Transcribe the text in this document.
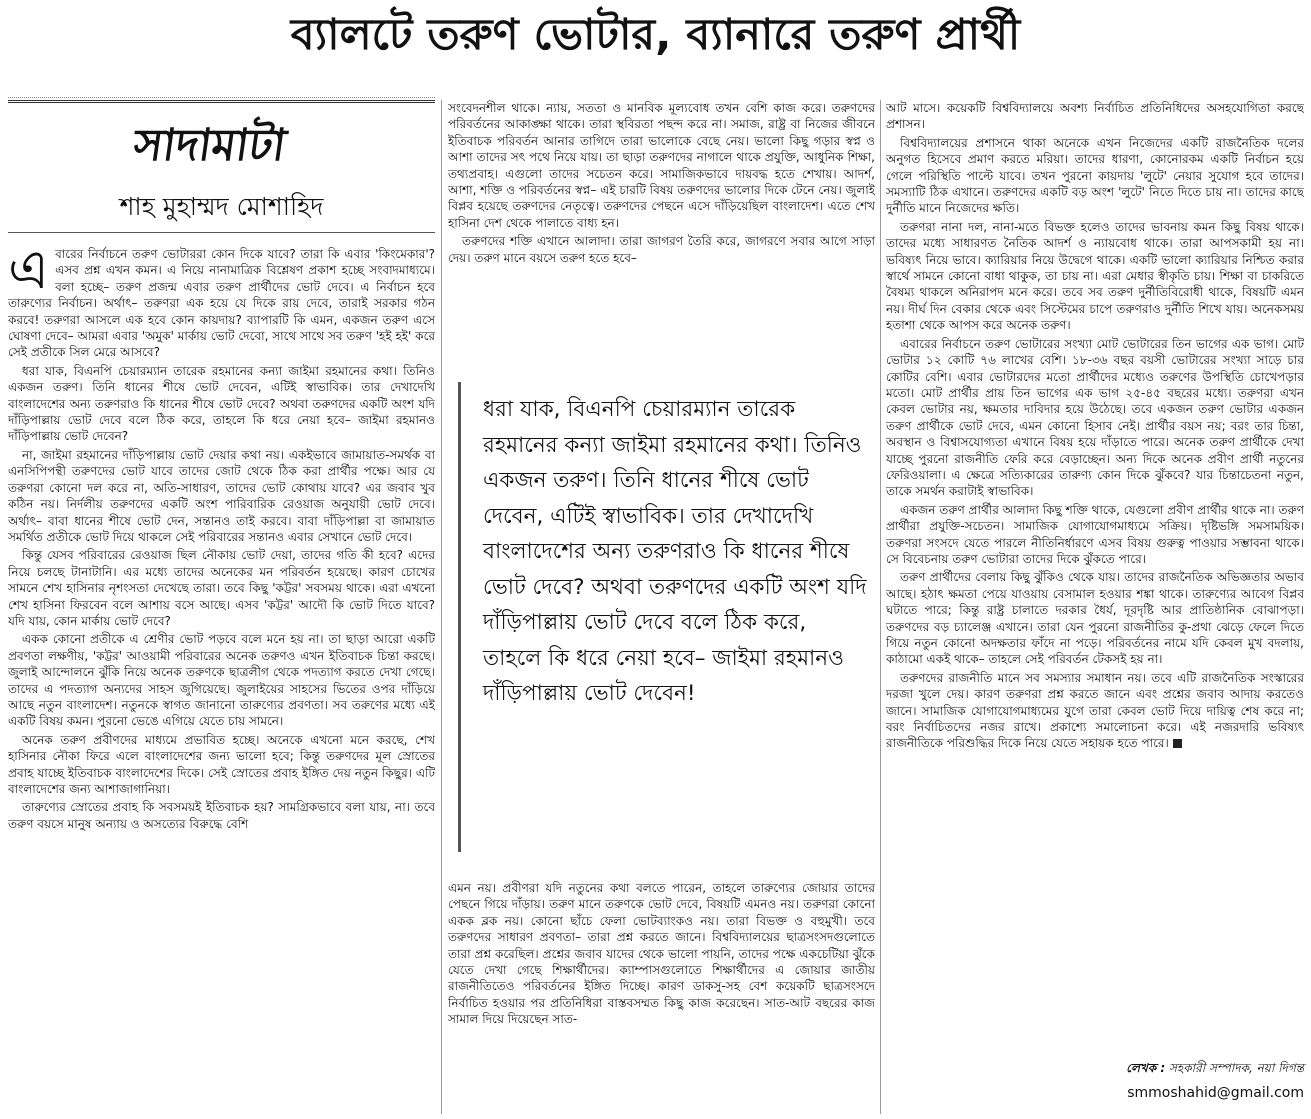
ব্যালটে তরুণ ভোটার, ব্যানারে তরুণ প্রার্থী
সাদামাটা

শাহ মুহাম্মদ মোশাহিদ

এবারের নির্বাচনে তরুণ ভোটাররা কোন দিকে যাবে? তারা কি এবার 'কিংমেকার'? এসব প্রশ্ন এখন কমন। এ নিয়ে নানামাত্রিক বিশ্লেষণ প্রকাশ হচ্ছে সংবাদমাধ্যমে। বলা হচ্ছে– তরুণ প্রজন্ম এবার তরুণ প্রার্থীদের ভোট দেবে। এ নির্বাচন হবে তারুণ্যের নির্বাচন। অর্থাৎ– তরুণরা এক হয়ে যে দিকে রায় দেবে, তারাই সরকার গঠন করবে! তরুণরা আসলে এক হবে কোন কায়দায়? ব্যাপারটি কি এমন, একজন তরুণ এসে ঘোষণা দেবে– আমরা এবার 'অমুক' মার্কায় ভোট দেবো, সাথে সাথে সব তরুণ 'হই হই' করে সেই প্রতীকে সিল মেরে আসবে?

ধরা যাক, বিএনপি চেয়ারম্যান তারেক রহমানের কন্যা জাইমা রহমানের কথা। তিনিও একজন তরুণ। তিনি ধানের শীষে ভোট দেবেন, এটিই স্বাভাবিক। তার দেখাদেখি বাংলাদেশের অন্য তরুণরাও কি ধানের শীষে ভোট দেবে? অথবা তরুণদের একটি অংশ যদি দাঁড়িপাল্লায় ভোট দেবে বলে ঠিক করে, তাহলে কি ধরে নেয়া হবে– জাইমা রহমানও দাঁড়িপাল্লায় ভোট দেবেন?

না, জাইমা রহমানের দাঁড়িপাল্লায় ভোট দেয়ার কথা নয়। একইভাবে জামায়াত-সমর্থক বা এনসিপিপন্থী তরুণদের ভোট যাবে তাদের জোট থেকে ঠিক করা প্রার্থীর পক্ষে। আর যে তরুণরা কোনো দল করে না, অতি-সাধারণ, তাদের ভোট কোথায় যাবে? এর জবাব খুব কঠিন নয়। নির্দলীয় তরুণদের একটি অংশ পারিবারিক রেওয়াজ অনুযায়ী ভোট দেবে। অর্থাৎ– বাবা ধানের শীষে ভোট দেন, সন্তানও তাই করবে। বাবা দাঁড়িপাল্লা বা জামায়াত সমর্থিত প্রতীকে ভোট দিয়ে থাকলে সেই পরিবারের সন্তানও এবার সেখানে ভোট দেবে।

কিন্তু যেসব পরিবারের রেওয়াজ ছিল নৌকায় ভোট দেয়া, তাদের গতি কী হবে? এদের নিয়ে চলছে টানাটানি। এর মধ্যে তাদের অনেকের মন পরিবর্তন হয়েছে। কারণ চোখের সামনে শেখ হাসিনার নৃশংসতা দেখেছে তারা। তবে কিছু 'কট্টর' সবসময় থাকে। এরা এখনো শেখ হাসিনা ফিরবেন বলে আশায় বসে আছে। এসব 'কট্টর' আদৌ কি ভোট দিতে যাবে? যদি যায়, কোন মার্কায় ভোট দেবে?

একক কোনো প্রতীকে এ শ্রেণীর ভোট পড়বে বলে মনে হয় না। তা ছাড়া আরো একটি প্রবণতা লক্ষণীয়, 'কট্টর' আওয়ামী পরিবারের অনেক তরুণও এখন ইতিবাচক চিন্তা করছে। জুলাই আন্দোলনে ঝুঁকি নিয়ে অনেক তরুণকে ছাত্রলীগ থেকে পদত্যাগ করতে দেখা গেছে। তাদের এ পদত্যাগ অন্যদের সাহস জুগিয়েছে। জুলাইয়ের সাহসের ভিতের ওপর দাঁড়িয়ে আছে নতুন বাংলাদেশ। নতুনকে স্বাগত জানানো তারুণ্যের প্রবণতা। সব তরুণের মধ্যে এই একটি বিষয় কমন। পুরনো ভেঙে এগিয়ে যেতে চায় সামনে।

অনেক তরুণ প্রবীণদের মাধ্যমে প্রভাবিত হচ্ছে। অনেকে এখনো মনে করছে, শেখ হাসিনার নৌকা ফিরে এলে বাংলাদেশের জন্য ভালো হবে; কিন্তু তরুণদের মূল স্রোতের প্রবাহ যাচ্ছে ইতিবাচক বাংলাদেশের দিকে। সেই স্রোতের প্রবাহ ইঙ্গিত দেয় নতুন কিছুর। এটি বাংলাদেশের জন্য আশাজাগানিয়া।

তারুণ্যের স্রোতের প্রবাহ কি সবসময়ই ইতিবাচক হয়? সামগ্রিকভাবে বলা যায়, না। তবে তরুণ বয়সে মানুষ অন্যায় ও অসত্যের বিরুদ্ধে বেশি

সংবেদনশীল থাকে। ন্যায়, সততা ও মানবিক মূল্যবোধ তখন বেশি কাজ করে। তরুণদের পরিবর্তনের আকাঙ্ক্ষা থাকে। তারা স্থবিরতা পছন্দ করে না। সমাজ, রাষ্ট্র বা নিজের জীবনে ইতিবাচক পরিবর্তন আনার তাগিদে তারা ভালোকে বেছে নেয়। ভালো কিছু গড়ার স্বপ্ন ও আশা তাদের সৎ পথে নিয়ে যায়। তা ছাড়া তরুণদের নাগালে থাকে প্রযুক্তি, আধুনিক শিক্ষা, তথ্যপ্রবাহ। এগুলো তাদের সচেতন করে। সামাজিকভাবে দায়বদ্ধ হতে শেখায়। আদর্শ, আশা, শক্তি ও পরিবর্তনের স্বপ্ন– এই চারটি বিষয় তরুণদের ভালোর দিকে টেনে নেয়। জুলাই বিপ্লব হয়েছে তরুণদের নেতৃত্বে। তরুণদের পেছনে এসে দাঁড়িয়েছিল বাংলাদেশ। এতে শেখ হাসিনা দেশ থেকে পালাতে বাধ্য হন।

তরুণদের শক্তি এখানে আলাদা। তারা জাগরণ তৈরি করে, জাগরণে সবার আগে সাড়া দেয়। তরুণ মানে বয়সে তরুণ হতে হবে–

ধরা যাক, বিএনপি চেয়ারম্যান তারেক রহমানের কন্যা জাইমা রহমানের কথা। তিনিও একজন তরুণ। তিনি ধানের শীষে ভোট দেবেন, এটিই স্বাভাবিক। তার দেখাদেখি বাংলাদেশের অন্য তরুণরাও কি ধানের শীষে ভোট দেবে? অথবা তরুণদের একটি অংশ যদি দাঁড়িপাল্লায় ভোট দেবে বলে ঠিক করে, তাহলে কি ধরে নেয়া হবে– জাইমা রহমানও দাঁড়িপাল্লায় ভোট দেবেন!

এমন নয়। প্রবীণরা যদি নতুনের কথা বলতে পারেন, তাহলে তারুণ্যের জোয়ার তাদের পেছনে গিয়ে দাঁড়ায়। তরুণ মানে তরুণকে ভোট দেবে, বিষয়টি এমনও নয়। তরুণরা কোনো একক ব্লক নয়। কোনো ছাঁচে ফেলা ভোটব্যাংকও নয়। তারা বিভক্ত ও বহুমুখী। তবে তরুণদের সাধারণ প্রবণতা– তারা প্রশ্ন করতে জানে। বিশ্ববিদ্যালয়ের ছাত্রসংসদগুলোতে তারা প্রশ্ন করেছিল। প্রশ্নের জবাব যাদের থেকে ভালো পায়নি, তাদের পক্ষে একচেটিয়া ঝুঁকে যেতে দেখা গেছে শিক্ষার্থীদের। ক্যাম্পাসগুলোতে শিক্ষার্থীদের এ জোয়ার জাতীয় রাজনীতিতেও পরিবর্তনের ইঙ্গিত দিচ্ছে। কারণ ডাকসু-সহ বেশ কয়েকটি ছাত্রসংসদে নির্বাচিত হওয়ার পর প্রতিনিধিরা বাস্তবসম্মত কিছু কাজ করেছেন। সাত-আট বছরের কাজ সামাল দিয়ে দিয়েছেন সাত-

আট মাসে। কয়েকটি বিশ্ববিদ্যালয়ে অবশ্য নির্বাচিত প্রতিনিধিদের অসহযোগিতা করছে প্রশাসন।

বিশ্ববিদ্যালয়ের প্রশাসনে থাকা অনেকে এখন নিজেদের একটি রাজনৈতিক দলের অনুগত হিসেবে প্রমাণ করতে মরিয়া। তাদের ধারণা, কোনোরকম একটি নির্বাচন হয়ে গেলে পরিস্থিতি পাল্টে যাবে। তখন পুরনো কায়দায় 'লুটে' নেয়ার সুযোগ হবে তাদের। সমস্যাটি ঠিক এখানে। তরুণদের একটি বড় অংশ 'লুটে' নিতে দিতে চায় না। তাদের কাছে দুর্নীতি মানে নিজেদের ক্ষতি।

তরুণরা নানা দল, নানা-মতে বিভক্ত হলেও তাদের ভাবনায় কমন কিছু বিষয় থাকে। তাদের মধ্যে সাধারণত নৈতিক আদর্শ ও ন্যায়বোধ থাকে। তারা আপসকামী হয় না। ভবিষ্যৎ নিয়ে ভাবে। ক্যারিয়ার নিয়ে উদ্বেগে থাকে। একটি ভালো ক্যারিয়ার নিশ্চিত করার স্বার্থে সামনে কোনো বাধা থাকুক, তা চায় না। এরা মেধার স্বীকৃতি চায়। শিক্ষা বা চাকরিতে বৈষম্য থাকলে অনিরাপদ মনে করে। তবে সব তরুণ দুর্নীতিবিরোধী থাকে, বিষয়টি এমন নয়। দীর্ঘ দিন বেকার থেকে এবং সিস্টেমের চাপে তরুণরাও দুর্নীতি শিখে যায়। অনেকসময় হতাশা থেকে আপস করে অনেক তরুণ।

এবারের নির্বাচনে তরুণ ভোটারের সংখ্যা মোট ভোটারের তিন ভাগের এক ভাগ। মোট ভোটার ১২ কোটি ৭৬ লাখের বেশি। ১৮-৩৬ বছর বয়সী ভোটারের সংখ্যা সাড়ে চার কোটির বেশি। এবার ভোটারদের মতো প্রার্থীদের মধ্যেও তরুণের উপস্থিতি চোখেপড়ার মতো। মোট প্রার্থীর প্রায় তিন ভাগের এক ভাগ ২৫-৪৫ বছরের মধ্যে। তরুণরা এখন কেবল ভোটার নয়, ক্ষমতার দাবিদার হয়ে উঠেছে। তবে একজন তরুণ ভোটার একজন তরুণ প্রার্থীকে ভোট দেবে, এমন কোনো হিসাব নেই। প্রার্থীর বয়স নয়; বরং তার চিন্তা, অবস্থান ও বিশ্বাসযোগ্যতা এখানে বিষয় হয়ে দাঁড়াতে পারে। অনেক তরুণ প্রার্থীকে দেখা যাচ্ছে পুরনো রাজনীতি ফেরি করে বেড়াচ্ছেন। অন্য দিকে অনেক প্রবীণ প্রার্থী নতুনের ফেরিওয়ালা। এ ক্ষেত্রে সত্যিকারের তারুণ্য কোন দিকে ঝুঁকবে? যার চিন্তাচেতনা নতুন, তাকে সমর্থন করাটাই স্বাভাবিক।

একজন তরুণ প্রার্থীর আলাদা কিছু শক্তি থাকে, যেগুলো প্রবীণ প্রার্থীর থাকে না। তরুণ প্রার্থীরা প্রযুক্তি-সচেতন। সামাজিক যোগাযোগমাধ্যমে সক্রিয়। দৃষ্টিভঙ্গি সমসাময়িক। তরুণরা সংসদে যেতে পারলে নীতিনির্ধারণে এসব বিষয় গুরুত্ব পাওয়ার সম্ভাবনা থাকে। সে বিবেচনায় তরুণ ভোটারা তাদের দিকে ঝুঁকতে পারে।

তরুণ প্রার্থীদের বেলায় কিছু ঝুঁকিও থেকে যায়। তাদের রাজনৈতিক অভিজ্ঞতার অভাব আছে। হঠাৎ ক্ষমতা পেয়ে যাওয়ায় বেসামাল হওয়ার শঙ্কা থাকে। তারুণ্যের আবেগ বিপ্লব ঘটাতে পারে; কিন্তু রাষ্ট্র চালাতে দরকার ধৈর্য, দূরদৃষ্টি আর প্রাতিষ্ঠানিক বোঝাপড়া। তরুণদের বড় চ্যালেঞ্জ এখানে। তারা যেন পুরনো রাজনীতির কু-প্রথা ঝেড়ে ফেলে দিতে গিয়ে নতুন কোনো অদক্ষতার ফাঁদে না পড়ে। পরিবর্তনের নামে যদি কেবল মুখ বদলায়, কাঠামো একই থাকে– তাহলে সেই পরিবর্তন টেকসই হয় না।

তরুণদের রাজনীতি মানে সব সমস্যার সমাধান নয়। তবে এটি রাজনৈতিক সংস্কারের দরজা খুলে দেয়। কারণ তরুণরা প্রশ্ন করতে জানে এবং প্রশ্নের জবাব আদায় করতেও জানে। সামাজিক যোগাযোগমাধ্যমের যুগে তারা কেবল ভোট দিয়ে দায়িত্ব শেষ করে না; বরং নির্বাচিতদের নজর রাখে। প্রকাশ্যে সমালোচনা করে। এই নজরদারি ভবিষ্যৎ রাজনীতিকে পরিশুদ্ধির দিকে নিয়ে যেতে সহায়ক হতে পারে।

লেখক : সহকারী সম্পাদক, নয়া দিগন্ত

smmoshahid@gmail.com
